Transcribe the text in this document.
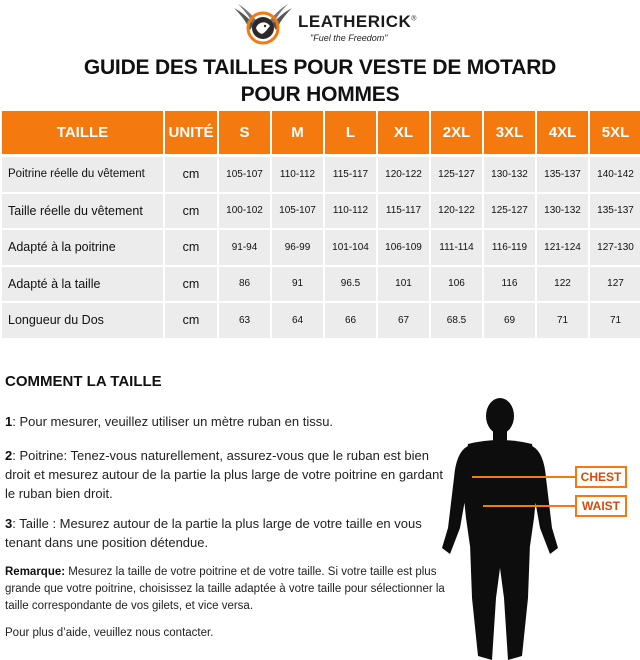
LEATHERICK®
"Fuel the Freedom"
GUIDE DES TAILLES POUR VESTE DE MOTARD
POUR HOMMES
TAILLE	UNITÉ	S	M	L	XL	2XL	3XL	4XL	5XL
Poitrine réelle du vêtement	cm	105-107	110-112	115-117	120-122	125-127	130-132	135-137	140-142
Taille réelle du vêtement	cm	100-102	105-107	110-112	115-117	120-122	125-127	130-132	135-137
Adapté à la poitrine	cm	91-94	96-99	101-104	106-109	111-114	116-119	121-124	127-130
Adapté à la taille	cm	86	91	96.5	101	106	116	122	127
Longueur du Dos	cm	63	64	66	67	68.5	69	71	71
COMMENT LA TAILLE
1: Pour mesurer, veuillez utiliser un mètre ruban en tissu.
2: Poitrine: Tenez-vous naturellement, assurez-vous que le ruban est bien droit et mesurez autour de la partie la plus large de votre poitrine en gardant le ruban bien droit.
3: Taille : Mesurez autour de la partie la plus large de votre taille en vous tenant dans une position détendue.
Remarque: Mesurez la taille de votre poitrine et de votre taille. Si votre taille est plus grande que votre poitrine, choisissez la taille adaptée à votre taille pour sélectionner la taille correspondante de vos gilets, et vice versa.
Pour plus d’aide, veuillez nous contacter.
CHEST
WAIST
